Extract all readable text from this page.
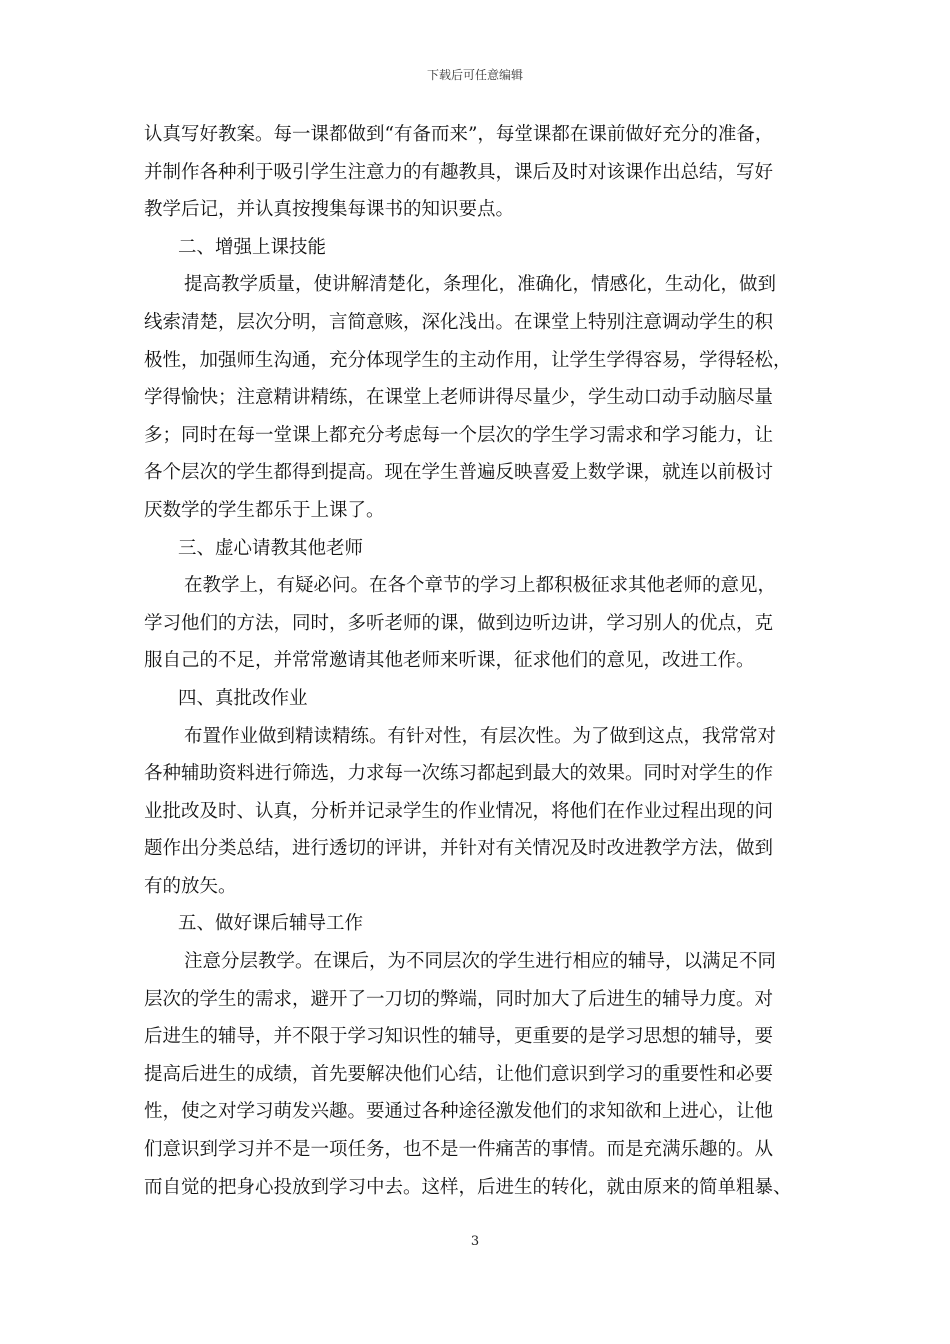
下载后可任意编辑
认真写好教案。每一课都做到“有备而来”，每堂课都在课前做好充分的准备，
并制作各种利于吸引学生注意力的有趣教具，课后及时对该课作出总结，写好
教学后记，并认真按搜集每课书的知识要点。
二、增强上课技能
提高教学质量，使讲解清楚化，条理化，准确化，情感化，生动化，做到
线索清楚，层次分明，言简意赅，深化浅出。在课堂上特别注意调动学生的积
极性，加强师生沟通，充分体现学生的主动作用，让学生学得容易，学得轻松，
学得愉快；注意精讲精练，在课堂上老师讲得尽量少，学生动口动手动脑尽量
多；同时在每一堂课上都充分考虑每一个层次的学生学习需求和学习能力，让
各个层次的学生都得到提高。现在学生普遍反映喜爱上数学课，就连以前极讨
厌数学的学生都乐于上课了。
三、虚心请教其他老师
在教学上，有疑必问。在各个章节的学习上都积极征求其他老师的意见，
学习他们的方法，同时，多听老师的课，做到边听边讲，学习别人的优点，克
服自己的不足，并常常邀请其他老师来听课，征求他们的意见，改进工作。
四、真批改作业
布置作业做到精读精练。有针对性，有层次性。为了做到这点，我常常对
各种辅助资料进行筛选，力求每一次练习都起到最大的效果。同时对学生的作
业批改及时、认真，分析并记录学生的作业情况，将他们在作业过程出现的问
题作出分类总结，进行透切的评讲，并针对有关情况及时改进教学方法，做到
有的放矢。
五、做好课后辅导工作
注意分层教学。在课后，为不同层次的学生进行相应的辅导，以满足不同
层次的学生的需求，避开了一刀切的弊端，同时加大了后进生的辅导力度。对
后进生的辅导，并不限于学习知识性的辅导，更重要的是学习思想的辅导，要
提高后进生的成绩，首先要解决他们心结，让他们意识到学习的重要性和必要
性，使之对学习萌发兴趣。要通过各种途径激发他们的求知欲和上进心，让他
们意识到学习并不是一项任务，也不是一件痛苦的事情。而是充满乐趣的。从
而自觉的把身心投放到学习中去。这样，后进生的转化，就由原来的简单粗暴、
3
